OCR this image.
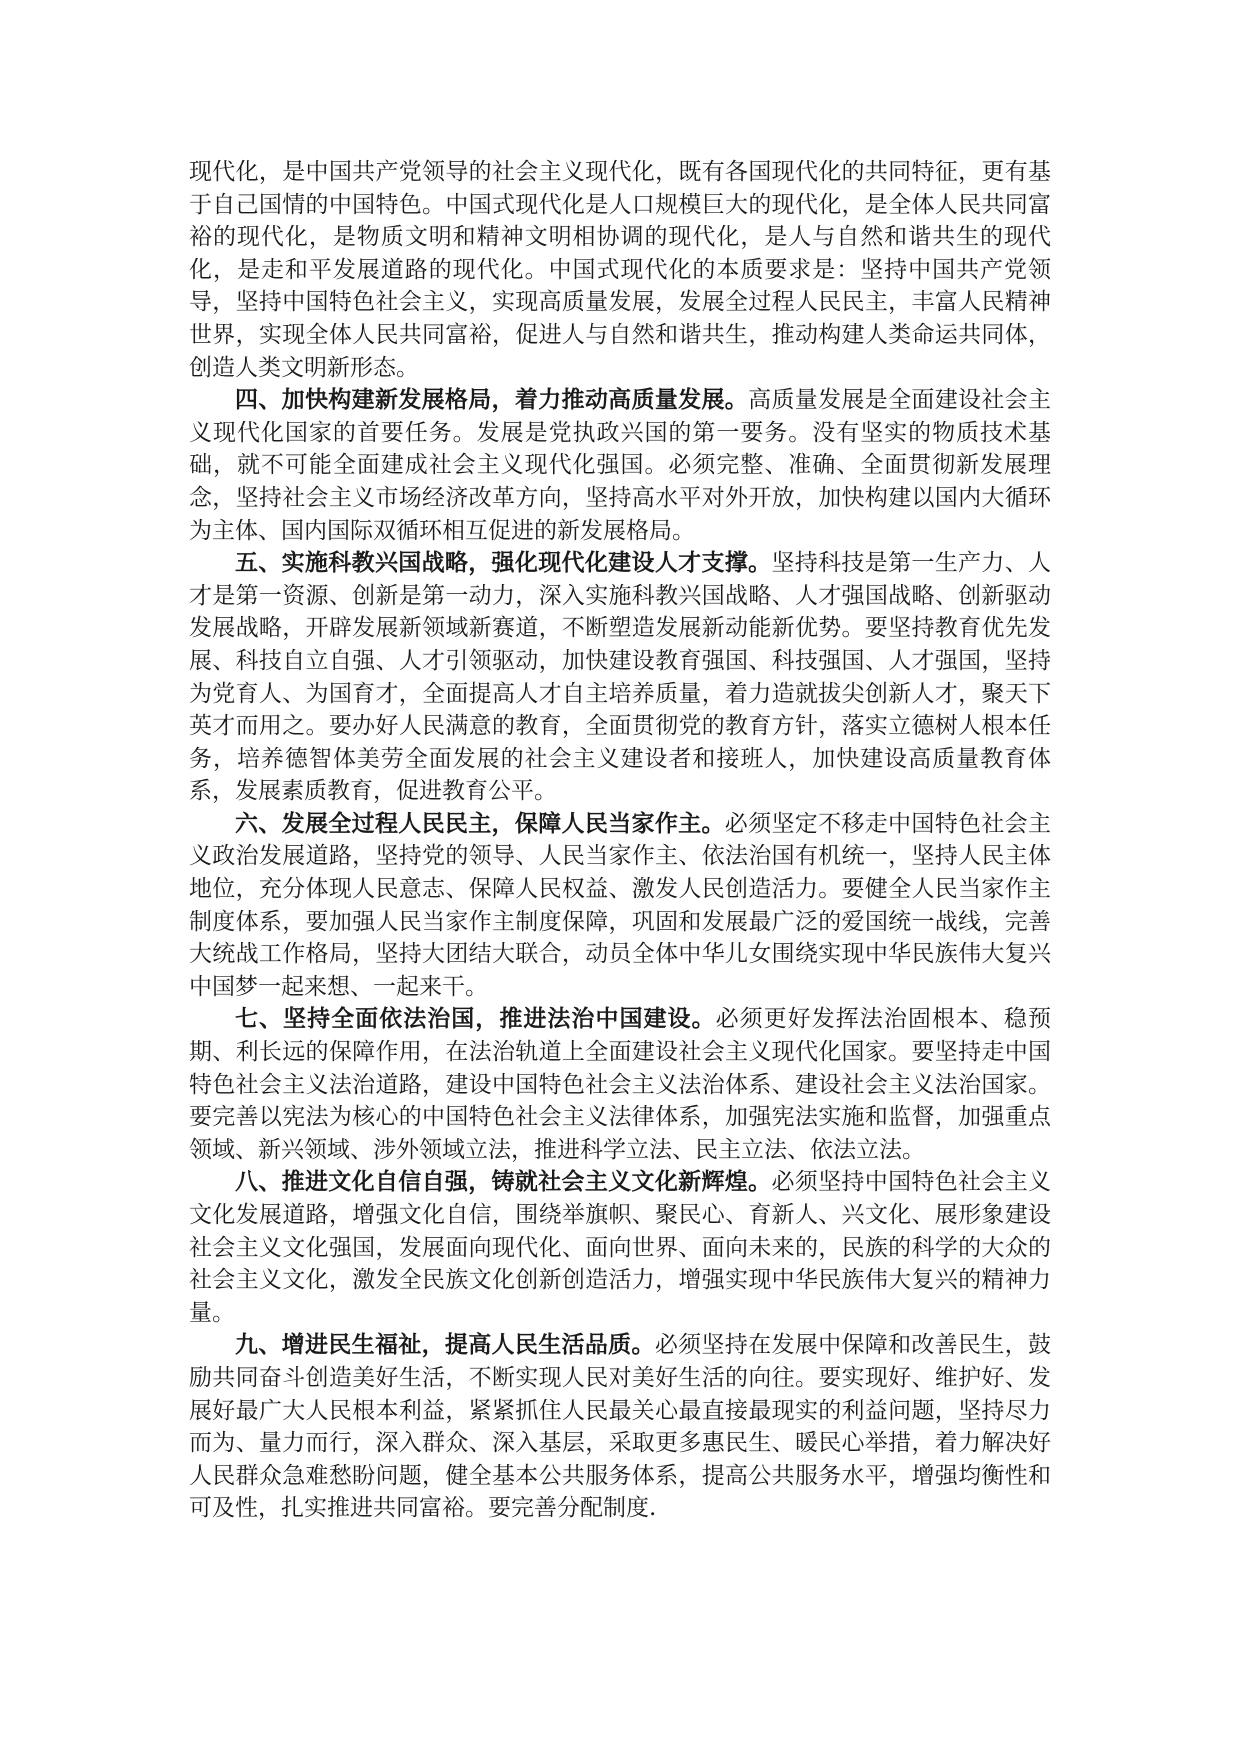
现代化，是中国共产党领导的社会主义现代化，既有各国现代化的共同特征，更有基于自己国情的中国特色。中国式现代化是人口规模巨大的现代化，是全体人民共同富裕的现代化，是物质文明和精神文明相协调的现代化，是人与自然和谐共生的现代化，是走和平发展道路的现代化。中国式现代化的本质要求是：坚持中国共产党领导，坚持中国特色社会主义，实现高质量发展，发展全过程人民民主，丰富人民精神世界，实现全体人民共同富裕，促进人与自然和谐共生，推动构建人类命运共同体，创造人类文明新形态。

四、加快构建新发展格局，着力推动高质量发展。高质量发展是全面建设社会主义现代化国家的首要任务。发展是党执政兴国的第一要务。没有坚实的物质技术基础，就不可能全面建成社会主义现代化强国。必须完整、准确、全面贯彻新发展理念，坚持社会主义市场经济改革方向，坚持高水平对外开放，加快构建以国内大循环为主体、国内国际双循环相互促进的新发展格局。

五、实施科教兴国战略，强化现代化建设人才支撑。坚持科技是第一生产力、人才是第一资源、创新是第一动力，深入实施科教兴国战略、人才强国战略、创新驱动发展战略，开辟发展新领域新赛道，不断塑造发展新动能新优势。要坚持教育优先发展、科技自立自强、人才引领驱动，加快建设教育强国、科技强国、人才强国，坚持为党育人、为国育才，全面提高人才自主培养质量，着力造就拔尖创新人才，聚天下英才而用之。要办好人民满意的教育，全面贯彻党的教育方针，落实立德树人根本任务，培养德智体美劳全面发展的社会主义建设者和接班人，加快建设高质量教育体系，发展素质教育，促进教育公平。

六、发展全过程人民民主，保障人民当家作主。必须坚定不移走中国特色社会主义政治发展道路，坚持党的领导、人民当家作主、依法治国有机统一，坚持人民主体地位，充分体现人民意志、保障人民权益、激发人民创造活力。要健全人民当家作主制度体系，要加强人民当家作主制度保障，巩固和发展最广泛的爱国统一战线，完善大统战工作格局，坚持大团结大联合，动员全体中华儿女围绕实现中华民族伟大复兴中国梦一起来想、一起来干。

七、坚持全面依法治国，推进法治中国建设。必须更好发挥法治固根本、稳预期、利长远的保障作用，在法治轨道上全面建设社会主义现代化国家。要坚持走中国特色社会主义法治道路，建设中国特色社会主义法治体系、建设社会主义法治国家。要完善以宪法为核心的中国特色社会主义法律体系，加强宪法实施和监督，加强重点领域、新兴领域、涉外领域立法，推进科学立法、民主立法、依法立法。

八、推进文化自信自强，铸就社会主义文化新辉煌。必须坚持中国特色社会主义文化发展道路，增强文化自信，围绕举旗帜、聚民心、育新人、兴文化、展形象建设社会主义文化强国，发展面向现代化、面向世界、面向未来的，民族的科学的大众的社会主义文化，激发全民族文化创新创造活力，增强实现中华民族伟大复兴的精神力量。

九、增进民生福祉，提高人民生活品质。必须坚持在发展中保障和改善民生，鼓励共同奋斗创造美好生活，不断实现人民对美好生活的向往。要实现好、维护好、发展好最广大人民根本利益，紧紧抓住人民最关心最直接最现实的利益问题，坚持尽力而为、量力而行，深入群众、深入基层，采取更多惠民生、暖民心举措，着力解决好人民群众急难愁盼问题，健全基本公共服务体系，提高公共服务水平，增强均衡性和可及性，扎实推进共同富裕。要完善分配制度.
